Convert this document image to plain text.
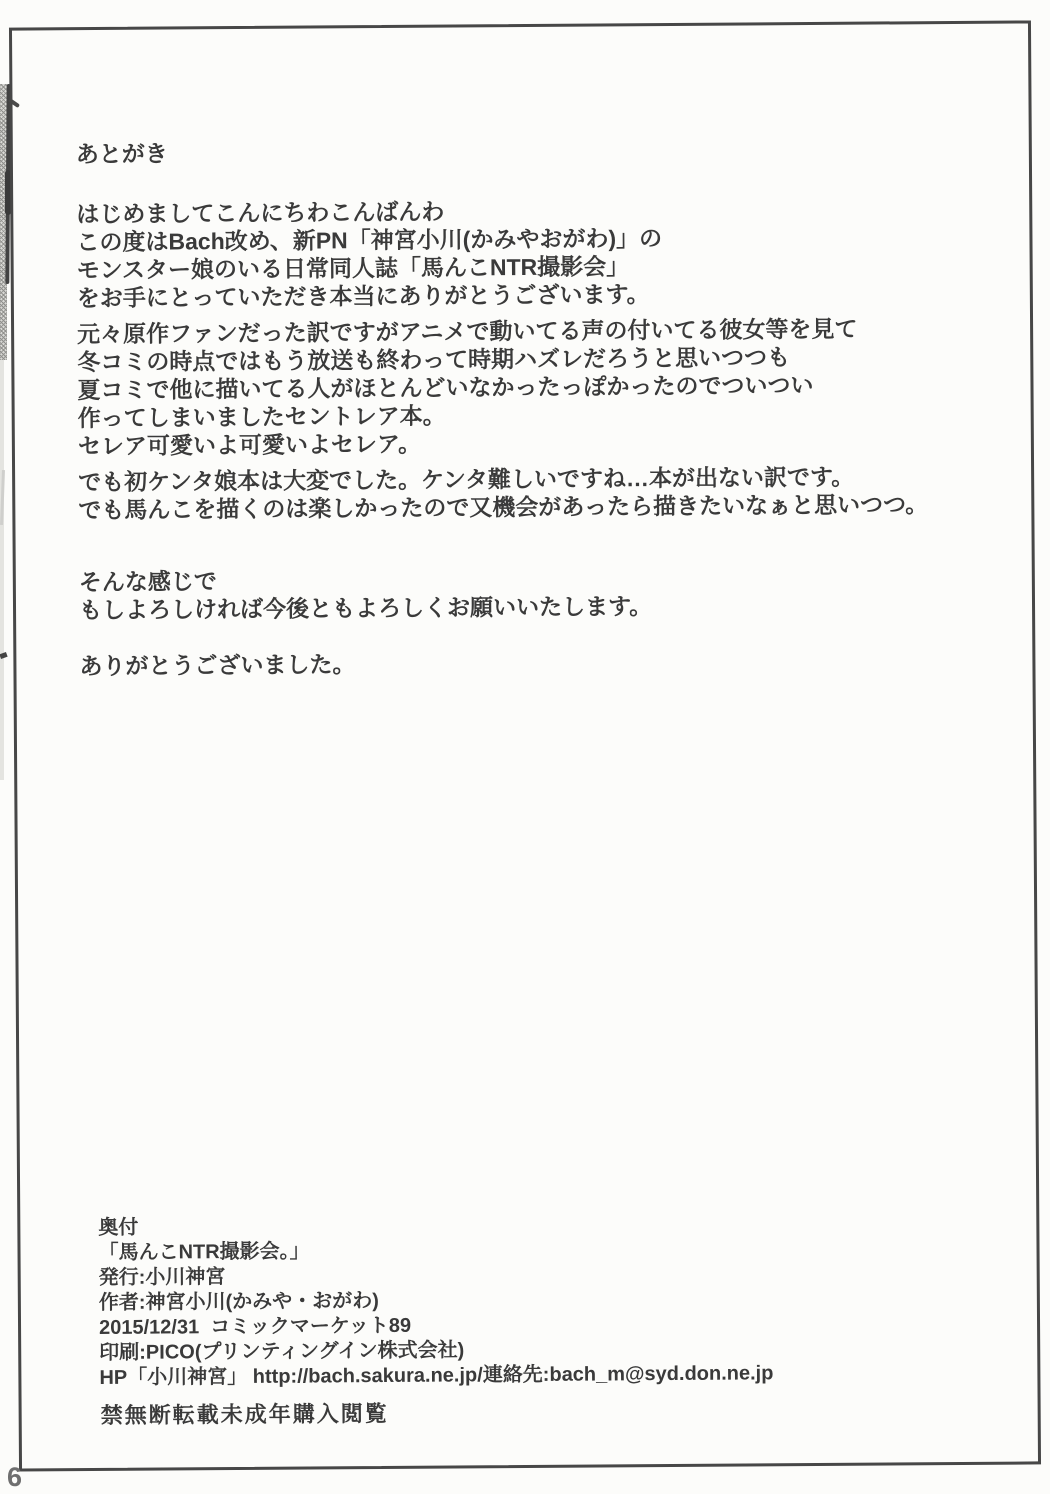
あとがき
はじめましてこんにちわこんばんわ
この度はBach改め、新PN「神宮小川(かみやおがわ)」の
モンスター娘のいる日常同人誌「馬んこNTR撮影会」
をお手にとっていただき本当にありがとうございます。
元々原作ファンだった訳ですがアニメで動いてる声の付いてる彼女等を見て
冬コミの時点ではもう放送も終わって時期ハズレだろうと思いつつも
夏コミで他に描いてる人がほとんどいなかったっぽかったのでついつい
作ってしまいましたセントレア本。
セレア可愛いよ可愛いよセレア。
でも初ケンタ娘本は大変でした。ケンタ難しいですね…本が出ない訳です。
でも馬んこを描くのは楽しかったので又機会があったら描きたいなぁと思いつつ。
そんな感じで
もしよろしければ今後ともよろしくお願いいたします。
ありがとうございました。
奥付
「馬んこNTR撮影会。」
発行:小川神宮
作者:神宮小川(かみや・おがわ)
2015/12/31  コミックマーケット89
印刷:PICO(プリンティングイン株式会社)
HP「小川神宮」 http://bach.sakura.ne.jp/連絡先:bach_m@syd.don.ne.jp
禁無断転載未成年購入閲覧
6
